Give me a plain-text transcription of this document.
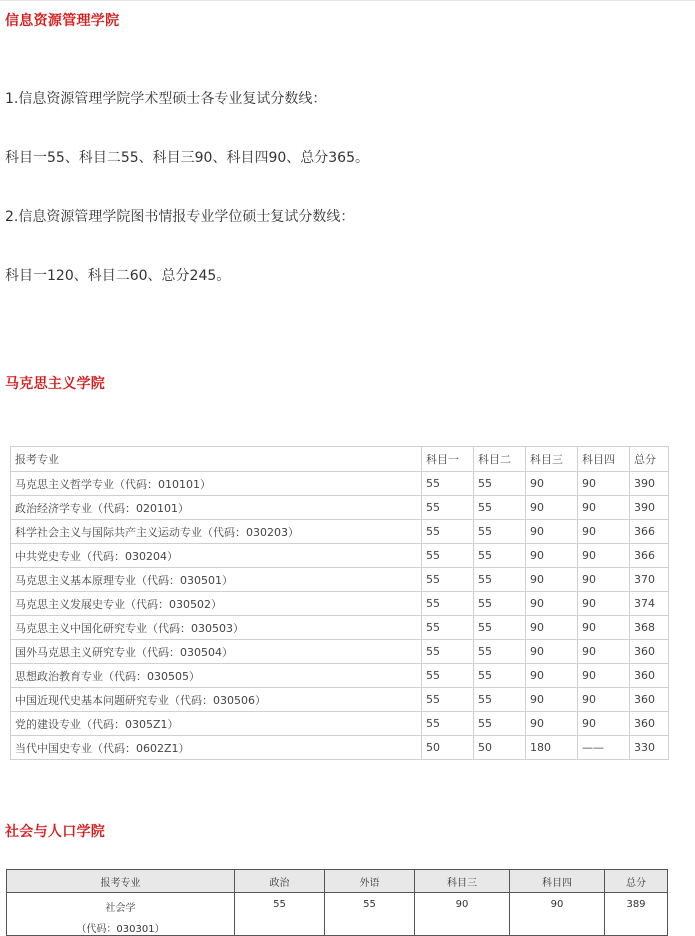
信息资源管理学院
1.信息资源管理学院学术型硕士各专业复试分数线：
科目一55、科目二55、科目三90、科目四90、总分365。
2.信息资源管理学院图书情报专业学位硕士复试分数线：
科目一120、科目二60、总分245。
马克思主义学院
报考专业	科目一	科目二	科目三	科目四	总分
马克思主义哲学专业（代码：010101）	55	55	90	90	390
政治经济学专业（代码：020101）	55	55	90	90	390
科学社会主义与国际共产主义运动专业（代码：030203）	55	55	90	90	366
中共党史专业（代码：030204）	55	55	90	90	366
马克思主义基本原理专业（代码：030501）	55	55	90	90	370
马克思主义发展史专业（代码：030502）	55	55	90	90	374
马克思主义中国化研究专业（代码：030503）	55	55	90	90	368
国外马克思主义研究专业（代码：030504）	55	55	90	90	360
思想政治教育专业（代码：030505）	55	55	90	90	360
中国近现代史基本问题研究专业（代码：030506）	55	55	90	90	360
党的建设专业（代码：0305Z1）	55	55	90	90	360
当代中国史专业（代码：0602Z1）	50	50	180	——	330
社会与人口学院
报考专业	政治	外语	科目三	科目四	总分
社会学
（代码：030301）	55	55	90	90	389
